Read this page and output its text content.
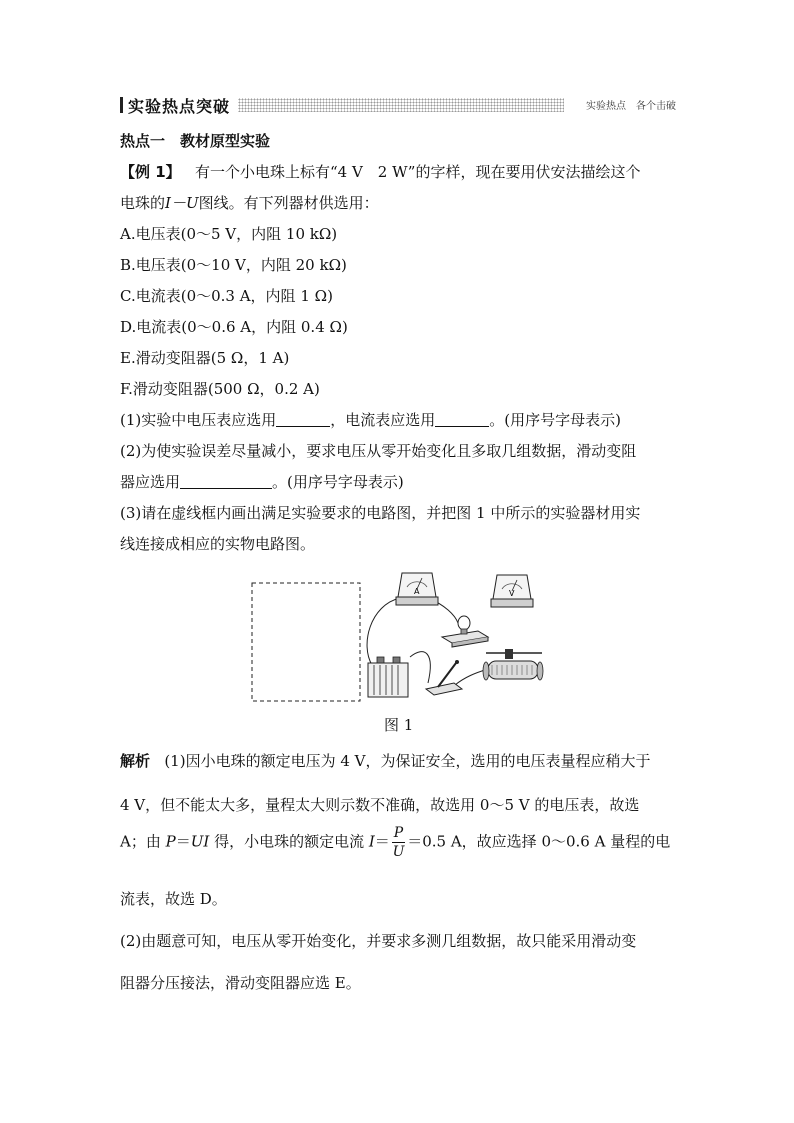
实验热点突破	实验热点 各个击破
热点一　教材原型实验
【例 1】 有一个小电珠上标有“4 V　2 W”的字样，现在要用伏安法描绘这个
电珠的I－U图线。有下列器材供选用：
A.电压表(0～5 V，内阻 10 kΩ)
B.电压表(0～10 V，内阻 20 kΩ)
C.电流表(0～0.3 A，内阻 1 Ω)
D.电流表(0～0.6 A，内阻 0.4 Ω)
E.滑动变阻器(5 Ω，1 A)
F.滑动变阻器(500 Ω，0.2 A)
(1)实验中电压表应选用	，电流表应选用	。(用序号字母表示)
(2)为使实验误差尽量减小，要求电压从零开始变化且多取几组数据，滑动变阻
器应选用	。(用序号字母表示)
(3)请在虚线框内画出满足实验要求的电路图，并把图 1 中所示的实验器材用实
线连接成相应的实物电路图。
A	V
图 1
解析 (1)因小电珠的额定电压为 4 V，为保证安全，选用的电压表量程应稍大于
4 V，但不能太大多，量程太大则示数不准确，故选用 0～5 V 的电压表，故选
A；由 P＝UI 得，小电珠的额定电流 $I= \frac{P}{U} =0.5$ A，故应选择 0～0.6 A 量程的电
流表，故选 D。
(2)由题意可知，电压从零开始变化，并要求多测几组数据，故只能采用滑动变
阻器分压接法，滑动变阻器应选 E。
